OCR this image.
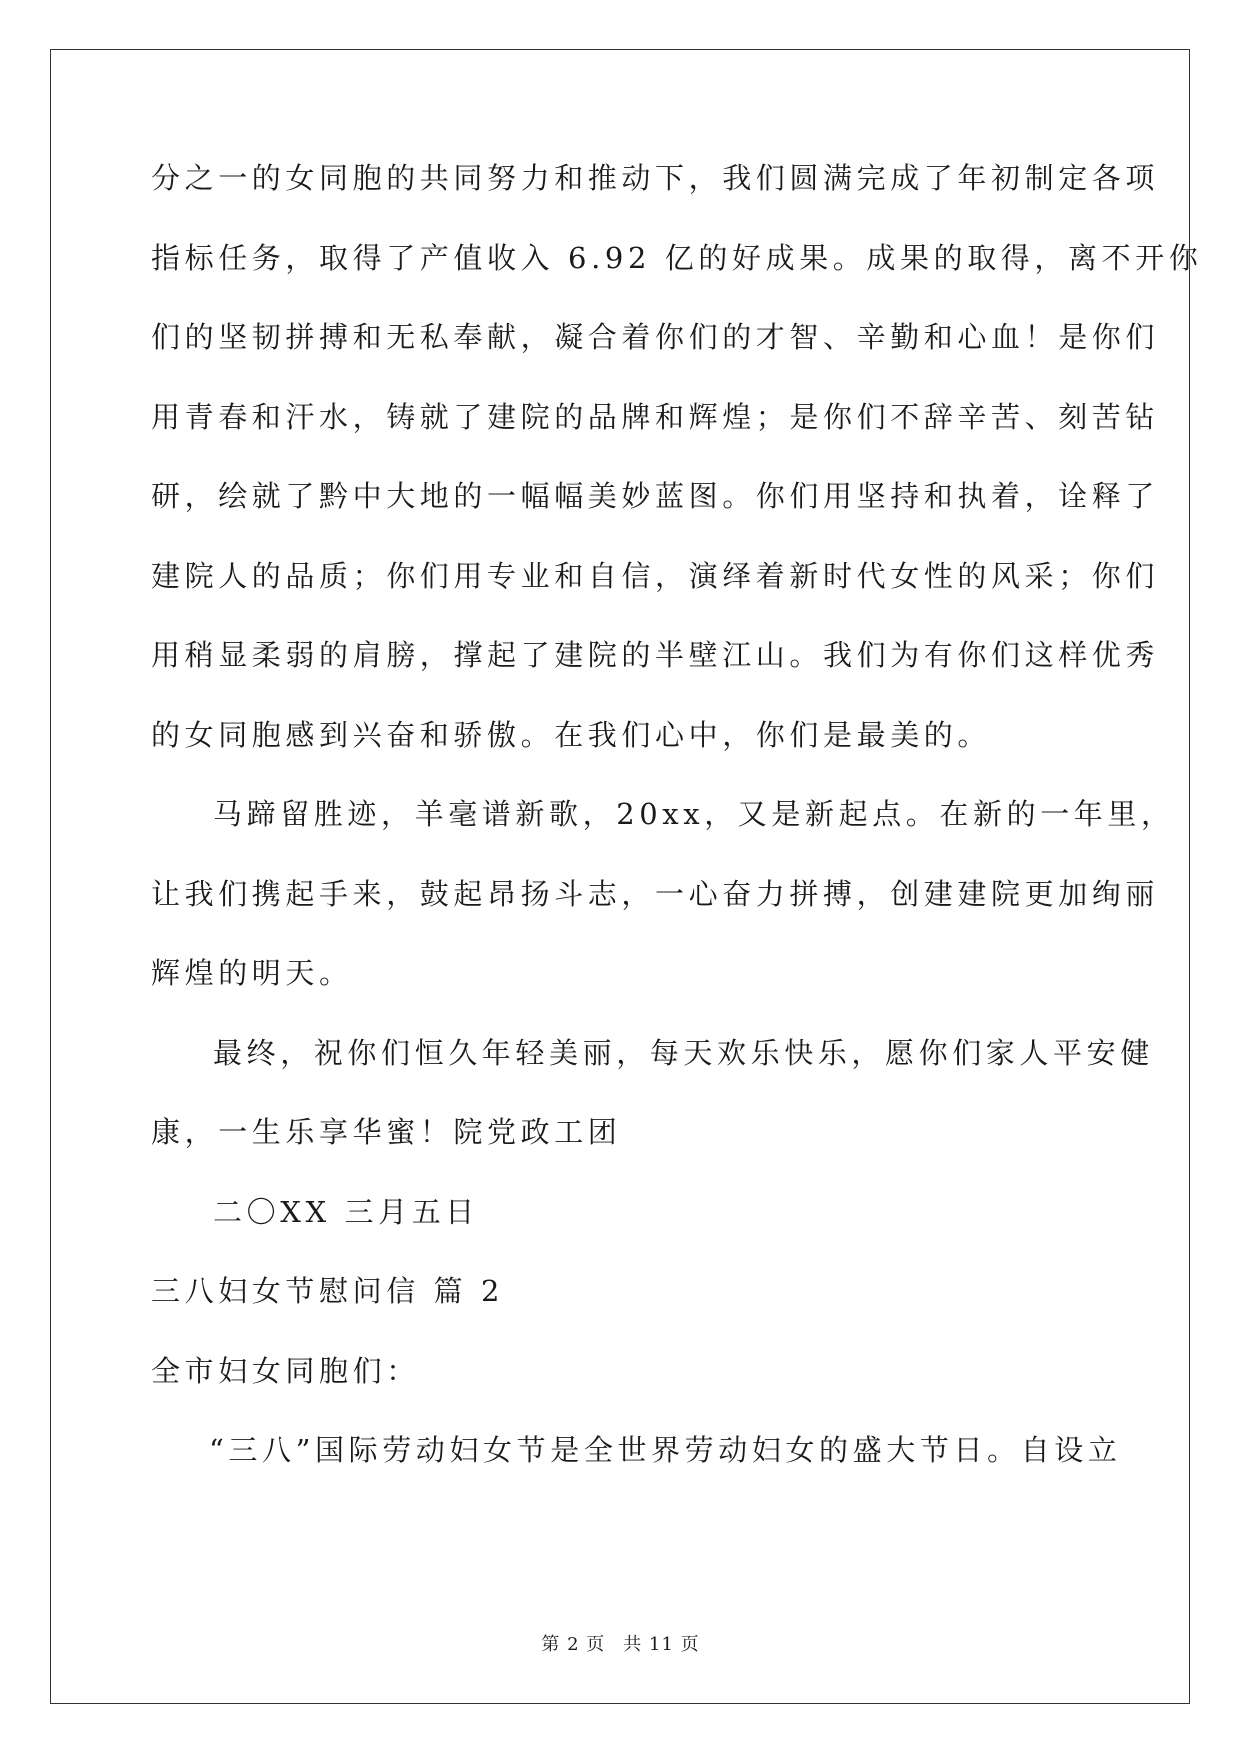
分之一的女同胞的共同努力和推动下，我们圆满完成了年初制定各项
指标任务，取得了产值收入 6.92 亿的好成果。成果的取得，离不开你
们的坚韧拼搏和无私奉献，凝合着你们的才智、辛勤和心血！是你们
用青春和汗水，铸就了建院的品牌和辉煌；是你们不辞辛苦、刻苦钻
研，绘就了黔中大地的一幅幅美妙蓝图。你们用坚持和执着，诠释了
建院人的品质；你们用专业和自信，演绎着新时代女性的风采；你们
用稍显柔弱的肩膀，撑起了建院的半壁江山。我们为有你们这样优秀
的女同胞感到兴奋和骄傲。在我们心中，你们是最美的。
马蹄留胜迹，羊毫谱新歌，20xx，又是新起点。在新的一年里，
让我们携起手来，鼓起昂扬斗志，一心奋力拼搏，创建建院更加绚丽
辉煌的明天。
最终，祝你们恒久年轻美丽，每天欢乐快乐，愿你们家人平安健
康，一生乐享华蜜！院党政工团
二〇XX 三月五日
三八妇女节慰问信 篇 2
全市妇女同胞们：
“三八”国际劳动妇女节是全世界劳动妇女的盛大节日。自设立
第 2 页 共 11 页
